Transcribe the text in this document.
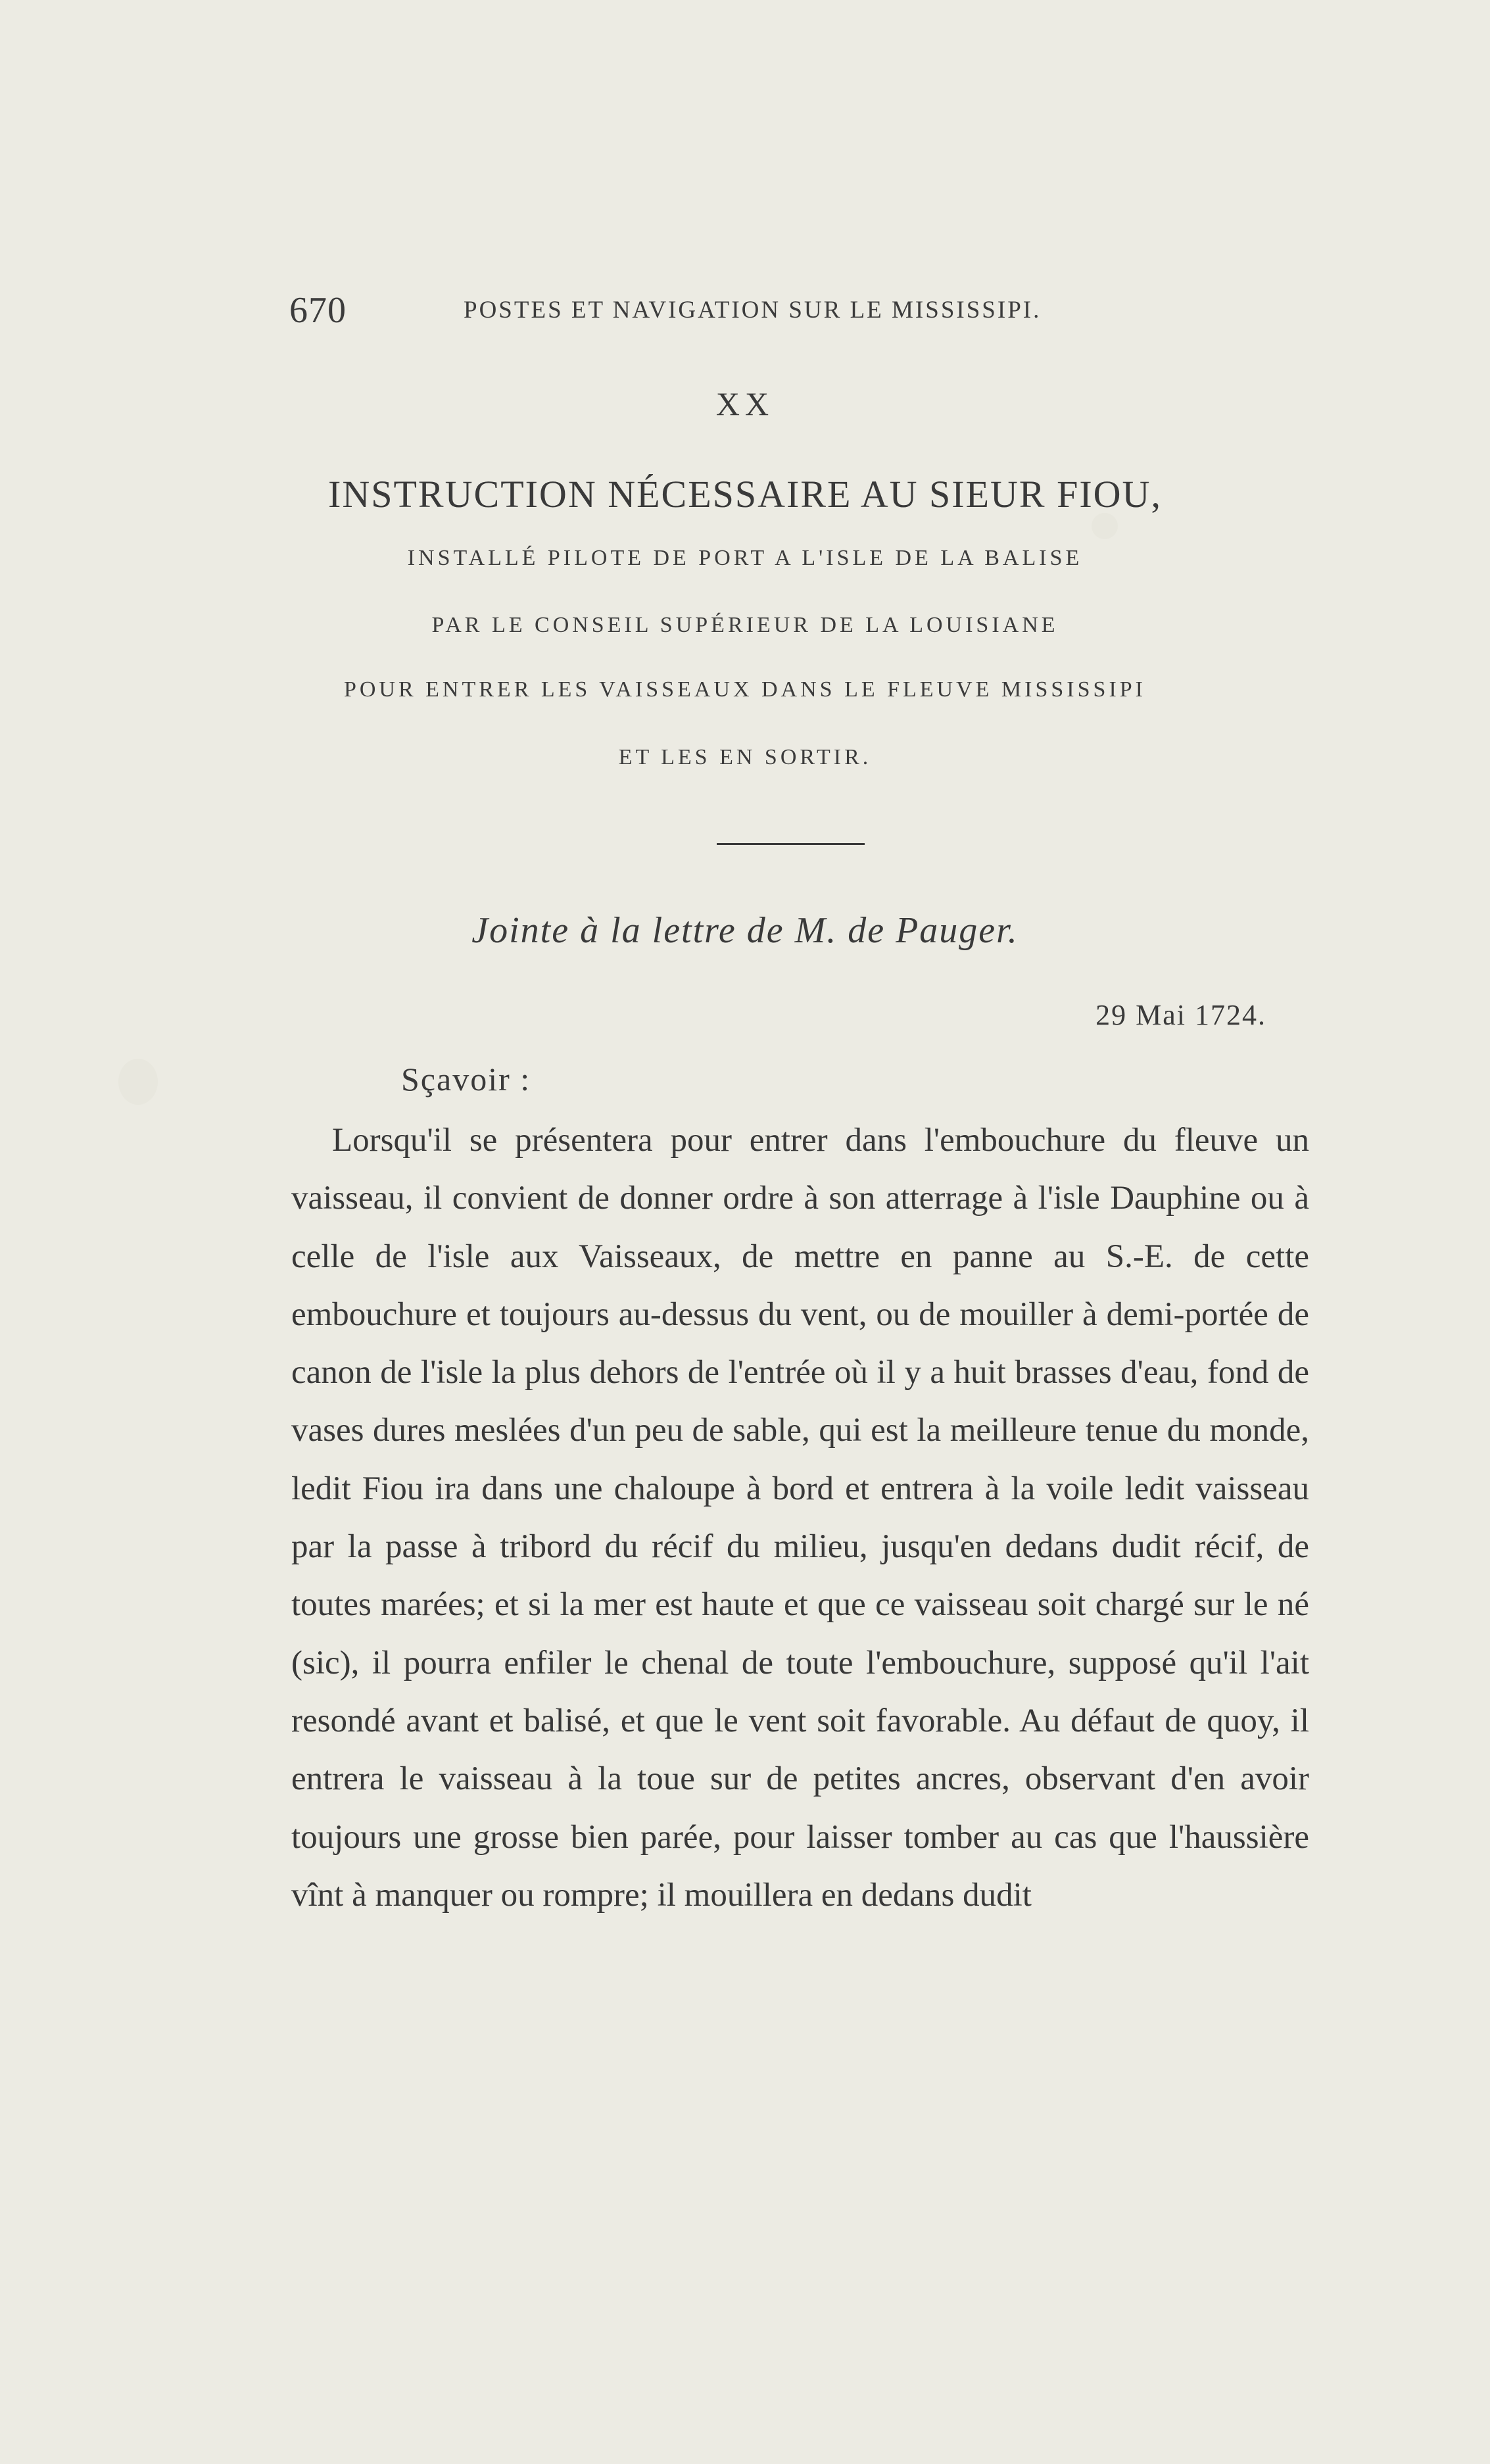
670	POSTES ET NAVIGATION SUR LE MISSISSIPI.
XX
INSTRUCTION NÉCESSAIRE AU SIEUR FIOU,
INSTALLÉ PILOTE DE PORT A L'ISLE DE LA BALISE
PAR LE CONSEIL SUPÉRIEUR DE LA LOUISIANE
POUR ENTRER LES VAISSEAUX DANS LE FLEUVE MISSISSIPI
ET LES EN SORTIR.
Jointe à la lettre de M. de Pauger.
29 Mai 1724.
Sçavoir :
Lorsqu'il se présentera pour entrer dans l'embouchure du fleuve un vaisseau, il convient de donner ordre à son atterrage à l'isle Dauphine ou à celle de l'isle aux Vaisseaux, de mettre en panne au S.-E. de cette embouchure et toujours au-dessus du vent, ou de mouiller à demi-portée de canon de l'isle la plus dehors de l'entrée où il y a huit brasses d'eau, fond de vases dures meslées d'un peu de sable, qui est la meilleure tenue du monde, ledit Fiou ira dans une chaloupe à bord et entrera à la voile ledit vaisseau par la passe à tribord du récif du milieu, jusqu'en dedans dudit récif, de toutes marées; et si la mer est haute et que ce vaisseau soit chargé sur le né (sic), il pourra enfiler le chenal de toute l'embouchure, supposé qu'il l'ait resondé avant et balisé, et que le vent soit favorable. Au défaut de quoy, il entrera le vaisseau à la toue sur de petites ancres, observant d'en avoir toujours une grosse bien parée, pour laisser tomber au cas que l'haussière vînt à manquer ou rompre; il mouillera en dedans dudit
